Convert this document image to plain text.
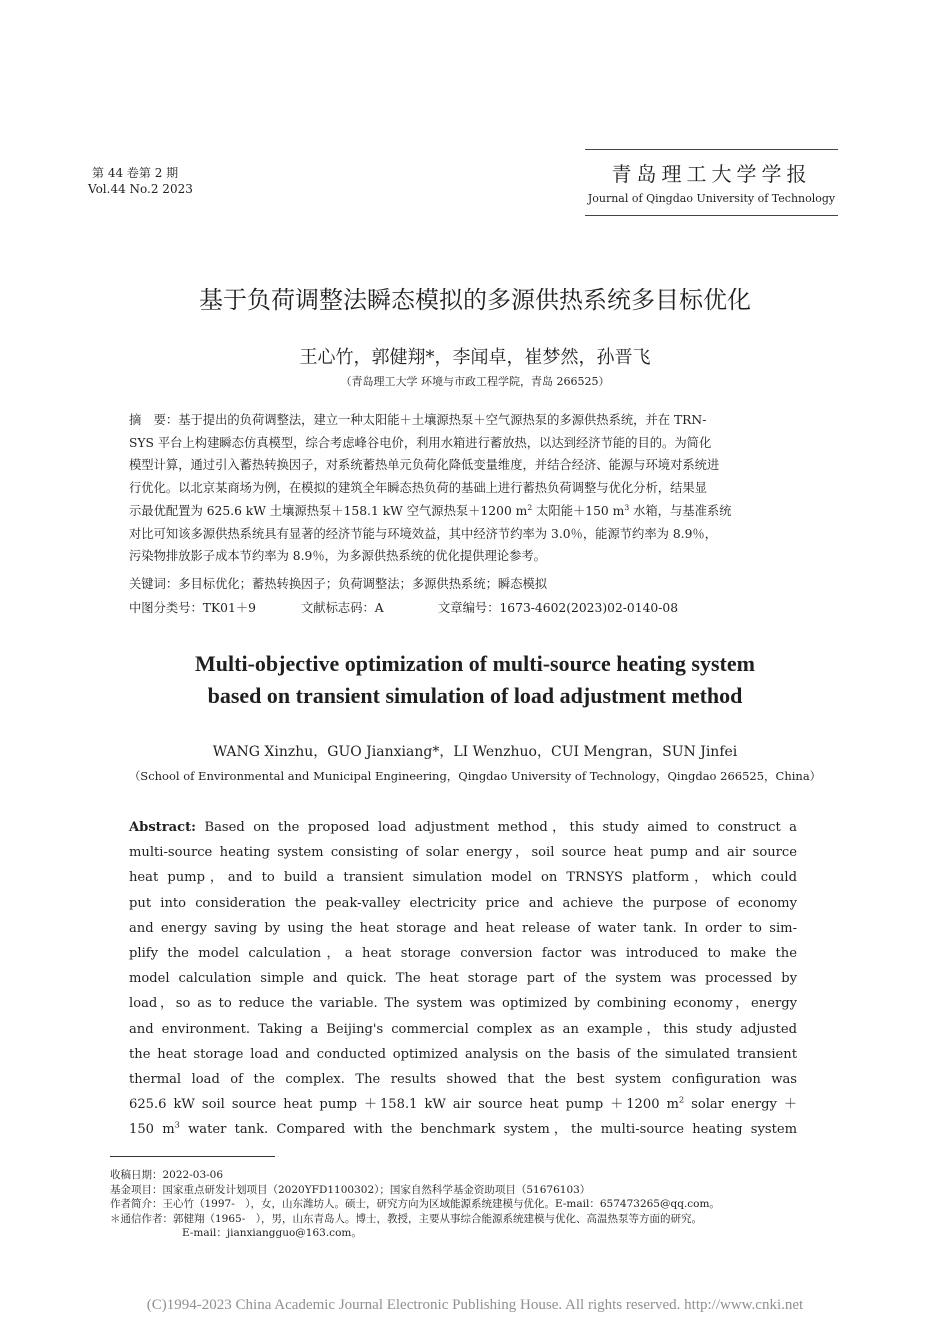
第 44 卷第 2 期
Vol.44 No.2 2023
青岛理工大学学报
Journal of Qingdao University of Technology
基于负荷调整法瞬态模拟的多源供热系统多目标优化
王心竹，郭健翔*，李闻卓，崔梦然，孙晋飞
（青岛理工大学 环境与市政工程学院，青岛 266525）
摘　要：基于提出的负荷调整法，建立一种太阳能＋土壤源热泵＋空气源热泵的多源供热系统，并在 TRN-
SYS 平台上构建瞬态仿真模型，综合考虑峰谷电价，利用水箱进行蓄放热，以达到经济节能的目的。为简化
模型计算，通过引入蓄热转换因子，对系统蓄热单元负荷化降低变量维度，并结合经济、能源与环境对系统进
行优化。以北京某商场为例，在模拟的建筑全年瞬态热负荷的基础上进行蓄热负荷调整与优化分析，结果显
示最优配置为 625.6 kW 土壤源热泵＋158.1 kW 空气源热泵＋1200 $m^2$ 太阳能＋150 $m^3$ 水箱，与基准系统
对比可知该多源供热系统具有显著的经济节能与环境效益，其中经济节约率为 3.0％，能源节约率为 8.9％，
污染物排放影子成本节约率为 8.9％，为多源供热系统的优化提供理论参考。
关键词：多目标优化；蓄热转换因子；负荷调整法；多源供热系统；瞬态模拟
中图分类号：TK01＋9	文献标志码：A	文章编号：1673-4602(2023)02-0140-08
Multi-objective optimization of multi-source heating system
based on transient simulation of load adjustment method
WANG Xinzhu，GUO Jianxiang*，LI Wenzhuo，CUI Mengran，SUN Jinfei
（School of Environmental and Municipal Engineering，Qingdao University of Technology，Qingdao 266525，China）
Abstract: Based on the proposed load adjustment method，this study aimed to construct a
multi-source heating system consisting of solar energy，soil source heat pump and air source
heat pump，and to build a transient simulation model on TRNSYS platform，which could
put into consideration the peak-valley electricity price and achieve the purpose of economy
and energy saving by using the heat storage and heat release of water tank. In order to sim-
plify the model calculation，a heat storage conversion factor was introduced to make the
model calculation simple and quick. The heat storage part of the system was processed by
load，so as to reduce the variable. The system was optimized by combining economy，energy
and environment. Taking a Beijing's commercial complex as an example，this study adjusted
the heat storage load and conducted optimized analysis on the basis of the simulated transient
thermal load of the complex. The results showed that the best system configuration was
625.6 kW soil source heat pump ＋158.1 kW air source heat pump ＋1200 $m^2$ solar energy ＋
150 $m^3$ water tank. Compared with the benchmark system，the multi-source heating system
收稿日期：2022-03-06
基金项目：国家重点研发计划项目（2020YFD1100302）；国家自然科学基金资助项目（51676103）
作者简介：王心竹（1997-　），女，山东潍坊人。硕士，研究方向为区域能源系统建模与优化。E-mail：657473265@qq.com。
＊通信作者：郭健翔（1965-　），男，山东青岛人。博士，教授，主要从事综合能源系统建模与优化、高温热泵等方面的研究。
E-mail：jianxiangguo@163.com。
(C)1994-2023 China Academic Journal Electronic Publishing House. All rights reserved. http://www.cnki.net
